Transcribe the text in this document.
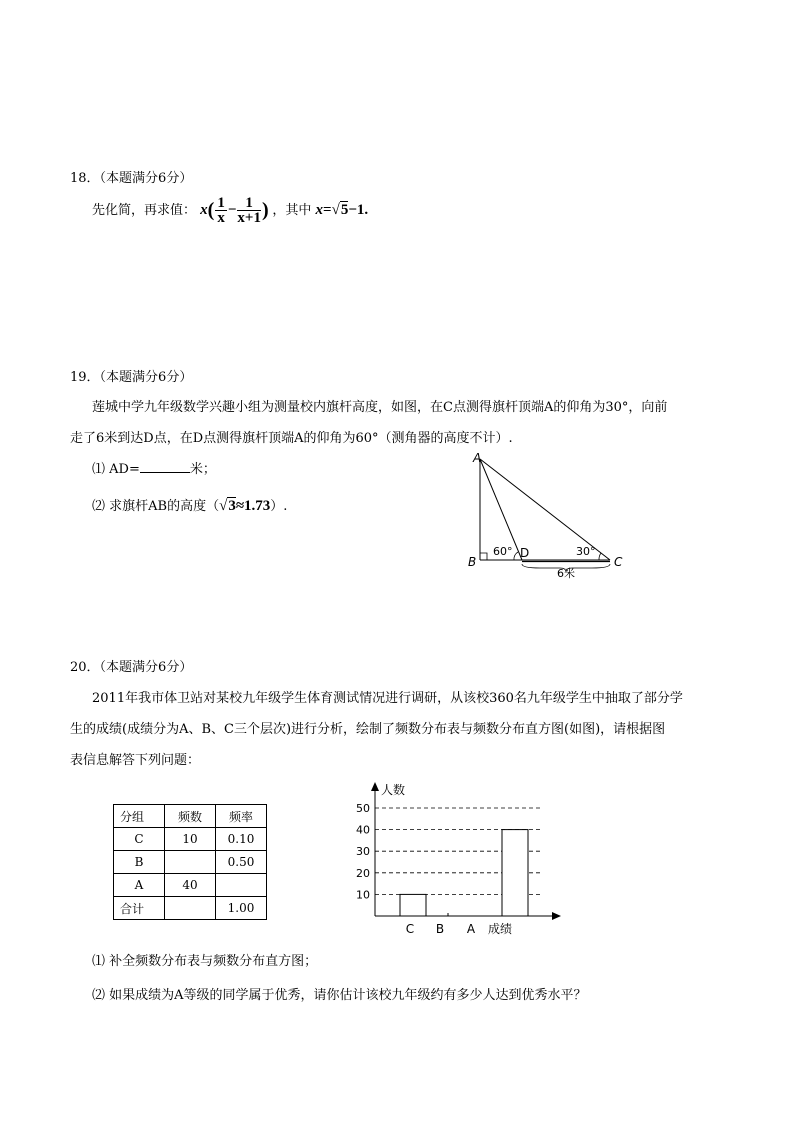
18．（本题满分6分）
先化简，再求值： $x( \frac{1}{x} - \frac{1}{x+1}$ ) ，其中 x=√5−1.
19．（本题满分6分）
莲城中学九年级数学兴趣小组为测量校内旗杆高度，如图，在C点测得旗杆顶端A的仰角为30°，向前
走了6米到达D点，在D点测得旗杆顶端A的仰角为60°（测角器的高度不计）.
⑴ AD=	米；
⑵ 求旗杆AB的高度（√3≈1.73）.
A
B	C
D
60°	30°
6米
20．（本题满分6分）
2011年我市体卫站对某校九年级学生体育测试情况进行调研，从该校360名九年级学生中抽取了部分学
生的成绩(成绩分为A、B、C三个层次)进行分析，绘制了频数分布表与频数分布直方图(如图)，请根据图
表信息解答下列问题：
分组	频数	频率
C	10	0.10
B		0.50
A	40	
合计		1.00
人数
10
20
30
40
50
C B A 成绩
⑴ 补全频数分布表与频数分布直方图；
⑵ 如果成绩为A等级的同学属于优秀，请你估计该校九年级约有多少人达到优秀水平？
